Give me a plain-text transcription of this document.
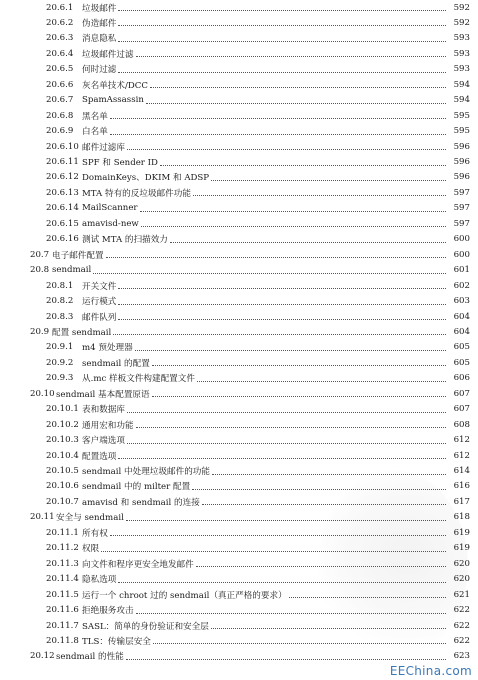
20.6.1	垃圾邮件	592
20.6.2	伪造邮件	592
20.6.3	消息隐私	593
20.6.4	垃圾邮件过滤	593
20.6.5	何时过滤	593
20.6.6	灰名单技术/DCC	594
20.6.7	SpamAssassin	594
20.6.8	黑名单	595
20.6.9	白名单	595
20.6.10 邮件过滤库	596
20.6.11 SPF 和 Sender ID	596
20.6.12 DomainKeys、DKIM 和 ADSP	596
20.6.13 MTA 特有的反垃圾邮件功能	597
20.6.14 MailScanner	597
20.6.15 amavisd-new	597
20.6.16 测试 MTA 的扫描效力	600
20.7 电子邮件配置	600
20.8 sendmail	601
20.8.1	开关文件	602
20.8.2	运行模式	603
20.8.3	邮件队列	604
20.9 配置 sendmail	604
20.9.1	m4 预处理器	605
20.9.2	sendmail 的配置	605
20.9.3	从.mc 样板文件构建配置文件	606
20.10 sendmail 基本配置原语	607
20.10.1 表和数据库	607
20.10.2 通用宏和功能	608
20.10.3 客户端选项	612
20.10.4 配置选项	612
20.10.5 sendmail 中处理垃圾邮件的功能	614
20.10.6 sendmail 中的 milter 配置	616
20.10.7 amavisd 和 sendmail 的连接	617
20.11 安全与 sendmail	618
20.11.1 所有权	619
20.11.2 权限	619
20.11.3 向文件和程序更安全地发邮件	620
20.11.4 隐私选项	620
20.11.5 运行一个 chroot 过的 sendmail（真正严格的要求）	621
20.11.6 拒绝服务攻击	622
20.11.7 SASL：简单的身份验证和安全层	622
20.11.8 TLS：传输层安全	622
20.12 sendmail 的性能	623
EEChina.com
